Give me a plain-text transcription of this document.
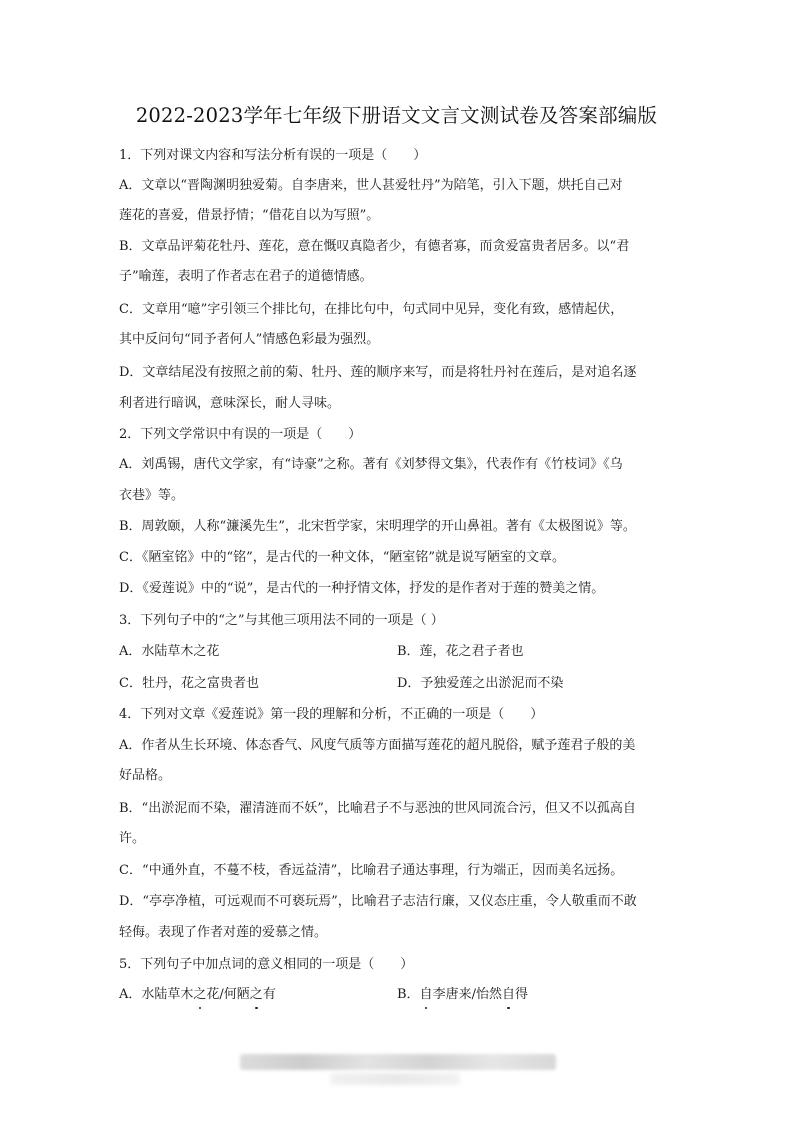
2022-2023学年七年级下册语文文言文测试卷及答案部编版
1．下列对课文内容和写法分析有误的一项是（　　）
A．文章以“晋陶渊明独爱菊。自李唐来，世人甚爱牡丹”为陪笔，引入下题，烘托自己对
莲花的喜爱，借景抒情；“借花自以为写照”。
B．文章品评菊花牡丹、莲花，意在慨叹真隐者少，有德者寡，而贪爱富贵者居多。以“君
子”喻莲，表明了作者志在君子的道德情感。
C．文章用“噫”字引领三个排比句，在排比句中，句式同中见异，变化有致，感情起伏，
其中反问句“同予者何人”情感色彩最为强烈。
D．文章结尾没有按照之前的菊、牡丹、莲的顺序来写，而是将牡丹衬在莲后，是对追名逐
利者进行暗讽，意味深长，耐人寻味。
2．下列文学常识中有误的一项是（　　）
A．刘禹锡，唐代文学家，有“诗豪”之称。著有《刘梦得文集》，代表作有《竹枝词》《乌
衣巷》等。
B．周敦颐，人称“濂溪先生”，北宋哲学家，宋明理学的开山鼻祖。著有《太极图说》等。
C．《陋室铭》中的“铭”，是古代的一种文体，“陋室铭”就是说写陋室的文章。
D．《爱莲说》中的“说”，是古代的一种抒情文体，抒发的是作者对于莲的赞美之情。
3．下列句子中的“之”与其他三项用法不同的一项是（ ）
A．水陆草木之花	B．莲，花之君子者也
C．牡丹，花之富贵者也	D．予独爱莲之出淤泥而不染
4．下列对文章《爱莲说》第一段的理解和分析，不正确的一项是（　　）
A．作者从生长环境、体态香气、风度气质等方面描写莲花的超凡脱俗，赋予莲君子般的美
好品格。
B．“出淤泥而不染，濯清涟而不妖”，比喻君子不与恶浊的世风同流合污，但又不以孤高自
许。
C．“中通外直，不蔓不枝，香远益清”，比喻君子通达事理，行为端正，因而美名远扬。
D．“亭亭净植，可远观而不可亵玩焉”，比喻君子志洁行廉，又仪态庄重，令人敬重而不敢
轻侮。表现了作者对莲的爱慕之情。
5．下列句子中加点词的意义相同的一项是（　　）
A．水陆草木之花/何陋之有	B．自李唐来/怡然自得
